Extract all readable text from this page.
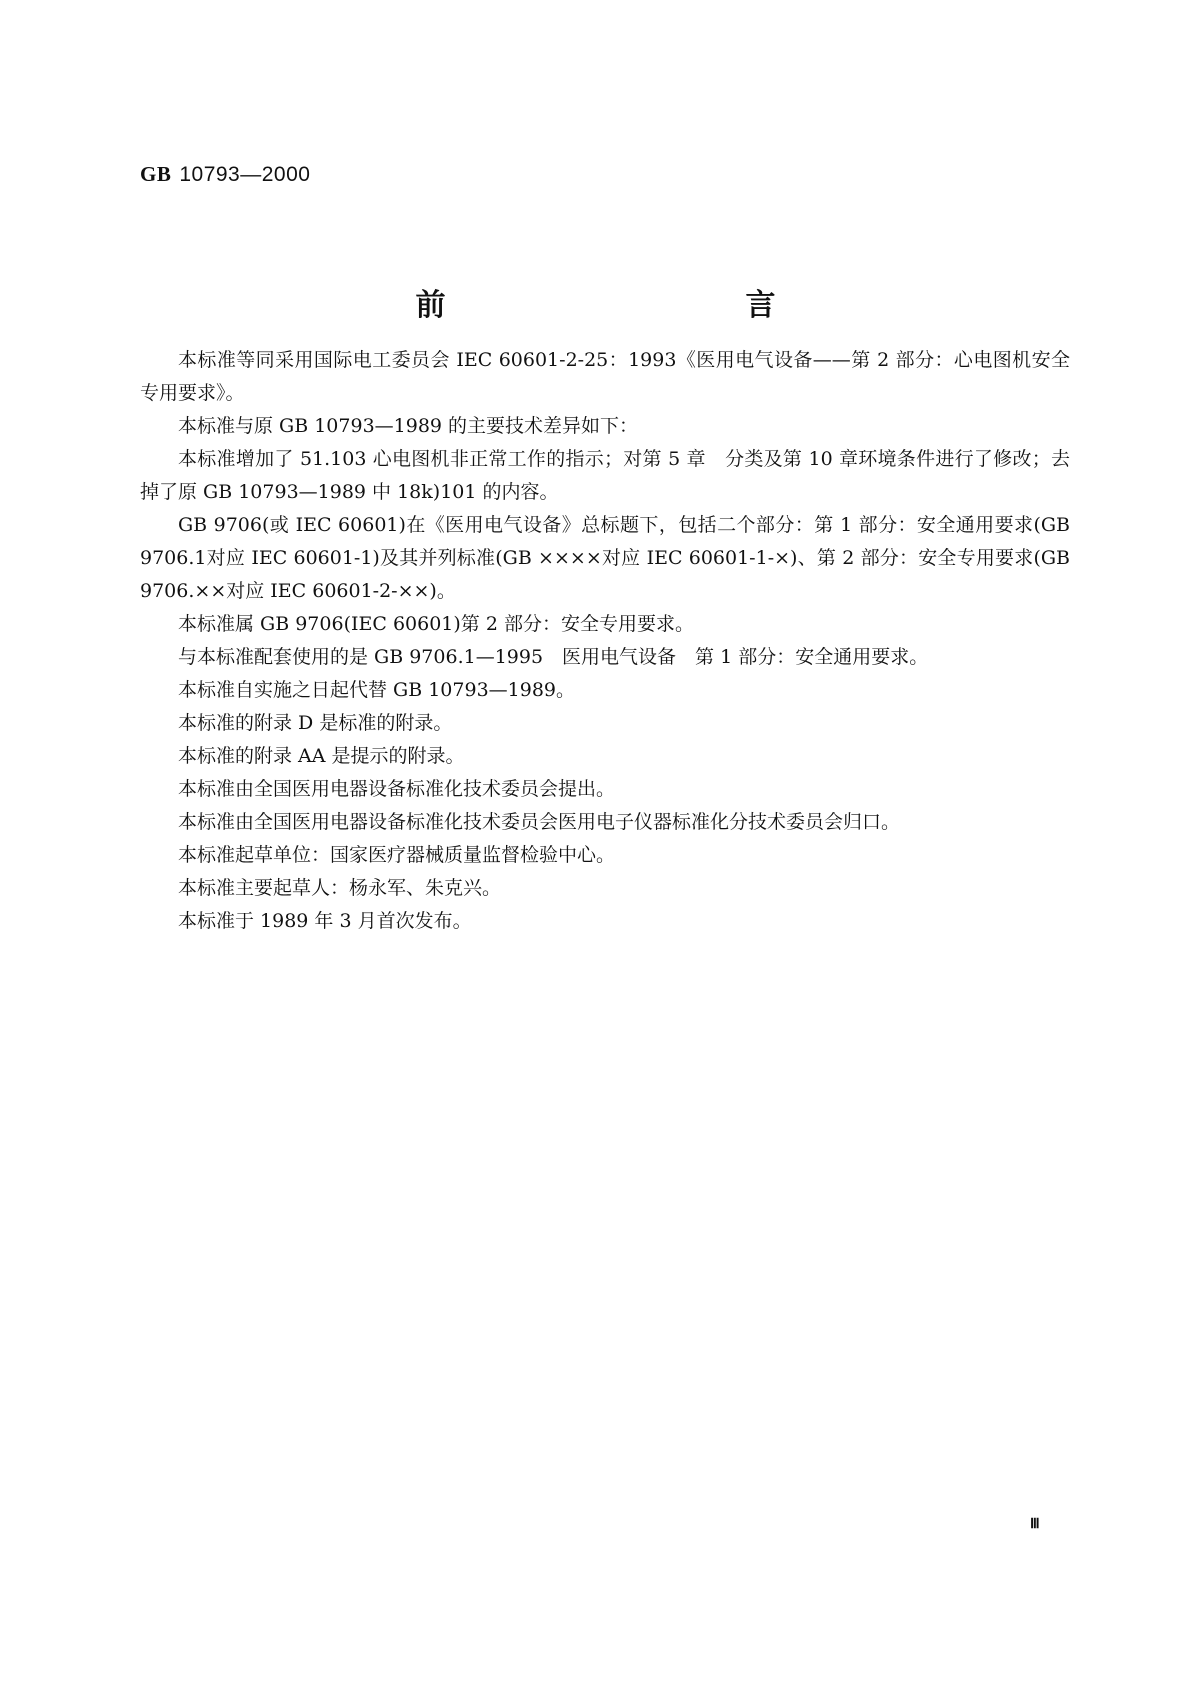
GB 10793—2000
前　　言

本标准等同采用国际电工委员会 IEC 60601-2-25：1993《医用电气设备——第 2 部分：心电图机安全专用要求》。

本标准与原 GB 10793—1989 的主要技术差异如下：

本标准增加了 51.103 心电图机非正常工作的指示；对第 5 章　分类及第 10 章环境条件进行了修改；去掉了原 GB 10793—1989 中 18k)101 的内容。

GB 9706(或 IEC 60601)在《医用电气设备》总标题下，包括二个部分：第 1 部分：安全通用要求(GB 9706.1对应 IEC 60601-1)及其并列标准(GB ××××对应 IEC 60601-1-×)、第 2 部分：安全专用要求(GB 9706.××对应 IEC 60601-2-××)。

本标准属 GB 9706(IEC 60601)第 2 部分：安全专用要求。

与本标准配套使用的是 GB 9706.1—1995　医用电气设备　第 1 部分：安全通用要求。

本标准自实施之日起代替 GB 10793—1989。

本标准的附录 D 是标准的附录。

本标准的附录 AA 是提示的附录。

本标准由全国医用电器设备标准化技术委员会提出。

本标准由全国医用电器设备标准化技术委员会医用电子仪器标准化分技术委员会归口。

本标准起草单位：国家医疗器械质量监督检验中心。

本标准主要起草人：杨永军、朱克兴。

本标准于 1989 年 3 月首次发布。

Ⅲ
